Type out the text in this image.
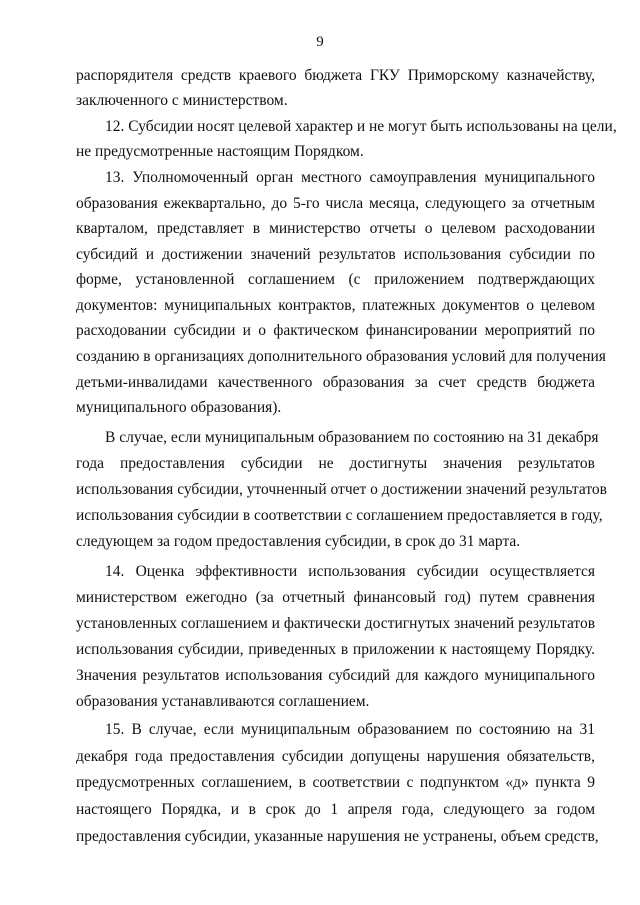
9
распорядителя средств краевого бюджета ГКУ Приморскому казначейству,
заключенного с министерством.
12. Субсидии носят целевой характер и не могут быть использованы на цели,
не предусмотренные настоящим Порядком.
13. Уполномоченный орган местного самоуправления муниципального
образования ежеквартально, до 5-го числа месяца, следующего за отчетным
кварталом, представляет в министерство отчеты о целевом расходовании
субсидий и достижении значений результатов использования субсидии по
форме, установленной соглашением (с приложением подтверждающих
документов: муниципальных контрактов, платежных документов о целевом
расходовании субсидии и о фактическом финансировании мероприятий по
созданию в организациях дополнительного образования условий для получения
детьми-инвалидами качественного образования за счет средств бюджета
муниципального образования).
В случае, если муниципальным образованием по состоянию на 31 декабря
года предоставления субсидии не достигнуты значения результатов
использования субсидии, уточненный отчет о достижении значений результатов
использования субсидии в соответствии с соглашением предоставляется в году,
следующем за годом предоставления субсидии, в срок до 31 марта.
14. Оценка эффективности использования субсидии осуществляется
министерством ежегодно (за отчетный финансовый год) путем сравнения
установленных соглашением и фактически достигнутых значений результатов
использования субсидии, приведенных в приложении к настоящему Порядку.
Значения результатов использования субсидий для каждого муниципального
образования устанавливаются соглашением.
15. В случае, если муниципальным образованием по состоянию на 31
декабря года предоставления субсидии допущены нарушения обязательств,
предусмотренных соглашением, в соответствии с подпунктом «д» пункта 9
настоящего Порядка, и в срок до 1 апреля года, следующего за годом
предоставления субсидии, указанные нарушения не устранены, объем средств,
